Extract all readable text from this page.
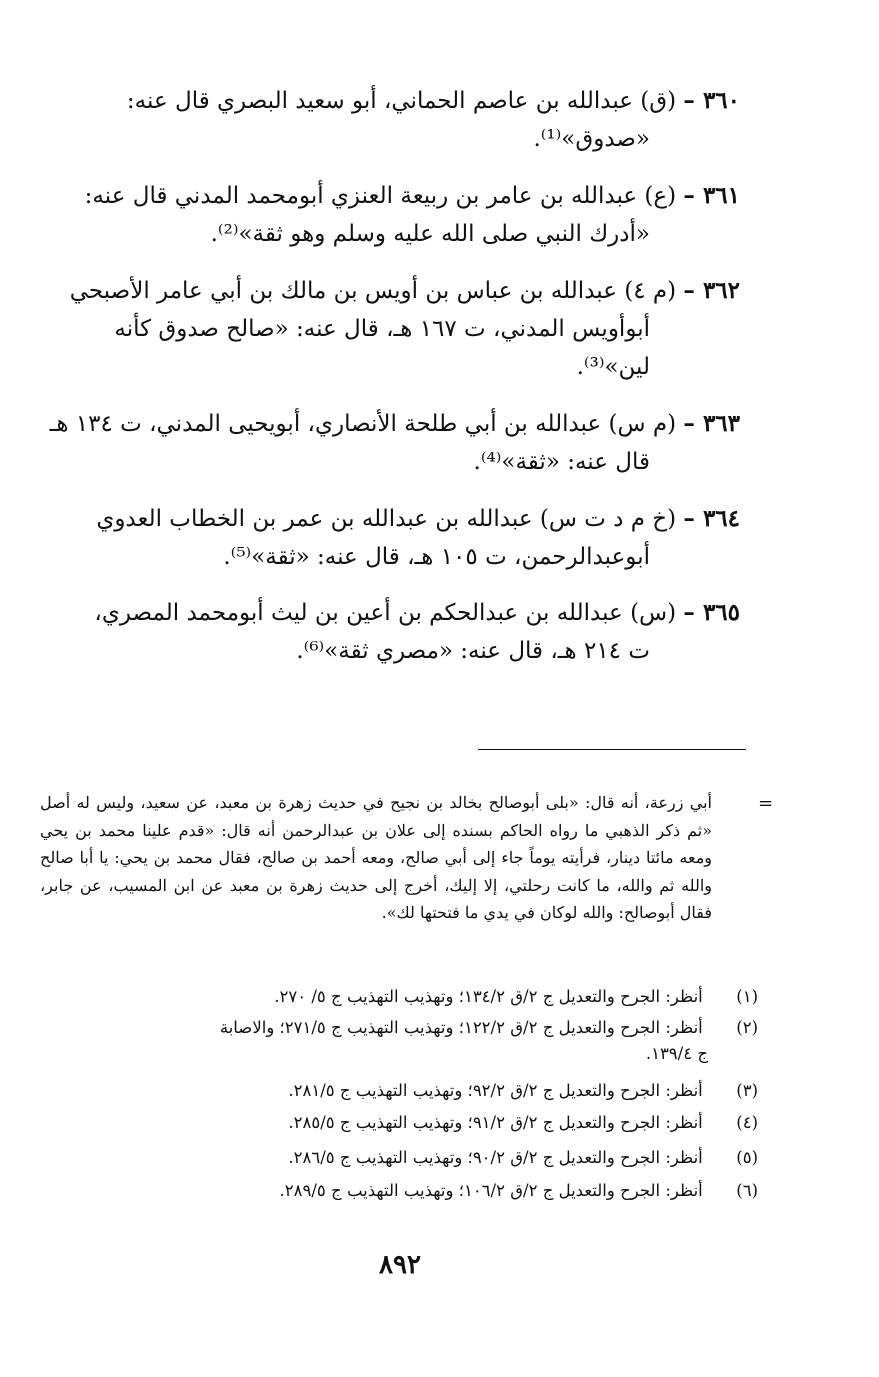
٣٦٠ – (ق) عبدالله بن عاصم الحماني، أبو سعيد البصري قال عنه:
«صدوق»⁽¹⁾.
٣٦١ – (ع) عبدالله بن عامر بن ربيعة العنزي أبومحمد المدني قال عنه:
«أدرك النبي صلى الله عليه وسلم وهو ثقة»⁽²⁾.
٣٦٢ – (م ٤) عبدالله بن عباس بن أويس بن مالك بن أبي عامر الأصبحي
أبوأويس المدني، ت ١٦٧ هـ، قال عنه: «صالح صدوق كأنه
لين»⁽³⁾.
٣٦٣ – (م س) عبدالله بن أبي طلحة الأنصاري، أبويحيى المدني، ت ١٣٤ هـ
قال عنه: «ثقة»⁽⁴⁾.
٣٦٤ – (خ م د ت س) عبدالله بن عبدالله بن عمر بن الخطاب العدوي
أبوعبدالرحمن، ت ١٠٥ هـ، قال عنه: «ثقة»⁽⁵⁾.
٣٦٥ – (س) عبدالله بن عبدالحكم بن أعين بن ليث أبومحمد المصري،
ت ٢١٤ هـ، قال عنه: «مصري ثقة»⁽⁶⁾.
=
أبي زرعة، أنه قال: «بلى أبوصالح بخالد بن نجيح في حديث زهرة بن معبد، عن سعيد، وليس له أصل «ثم ذكر الذهبي ما رواه الحاكم بسنده إلى علان بن عبدالرحمن أنه قال: «قدم علينا محمد بن يحي ومعه مائتا دينار، فرأيته يوماً جاء إلى أبي صالح، ومعه أحمد بن صالح، فقال محمد بن يحي: يا أبا صالح والله ثم والله، ما كانت رحلتي، إلا إليك، أخرج إلى حديث زهرة بن معبد عن ابن المسيب، عن جابر، فقال أبوصالح: والله لوكان في يدي ما فتحتها لك».
(١) أنظر: الجرح والتعديل ج ٢/ق ١٣٤/٢؛ وتهذيب التهذيب ج ٥/ ٢٧٠.
(٢) أنظر: الجرح والتعديل ج ٢/ق ١٢٢/٢؛ وتهذيب التهذيب ج ٢٧١/٥؛ والاصابة
ج ١٣٩/٤.
(٣) أنظر: الجرح والتعديل ج ٢/ق ٩٢/٢؛ وتهذيب التهذيب ج ٢٨١/٥.
(٤) أنظر: الجرح والتعديل ج ٢/ق ٩١/٢؛ وتهذيب التهذيب ج ٢٨٥/٥.
(٥) أنظر: الجرح والتعديل ج ٢/ق ٩٠/٢؛ وتهذيب التهذيب ج ٢٨٦/٥.
(٦) أنظر: الجرح والتعديل ج ٢/ق ١٠٦/٢؛ وتهذيب التهذيب ج ٢٨٩/٥.
٨٩٢
